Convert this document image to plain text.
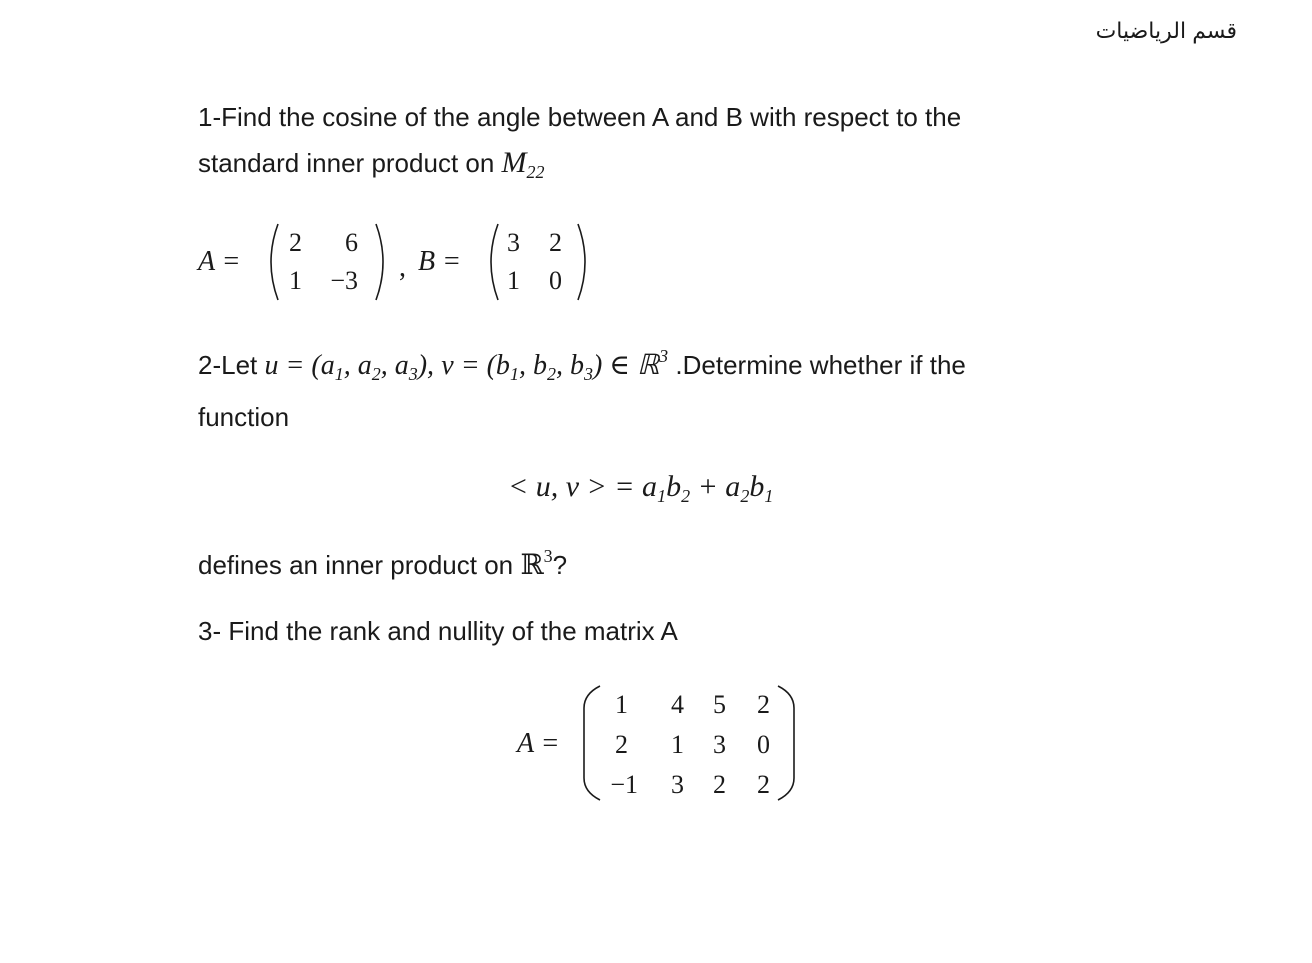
قسم الرياضيات
1-Find the cosine of the angle between A and B with respect to the
standard inner product on $M_{22}$
A =
2	6
1	−3 , B =
3	2
1	0
2-Let $u = (a_1$, $a_2$, $a_3$), $v = (b_1$, $b_2$, $b_3$) ∈ ℝ$^3$ .Determine whether if the
function
< u, v > = $a_1b_2 + a_2b_1$
defines an inner product on ℝ$^3$?
3- Find the rank and nullity of the matrix A
A =
1	4	5	2
2	1	3	0
−1	3	2	2
